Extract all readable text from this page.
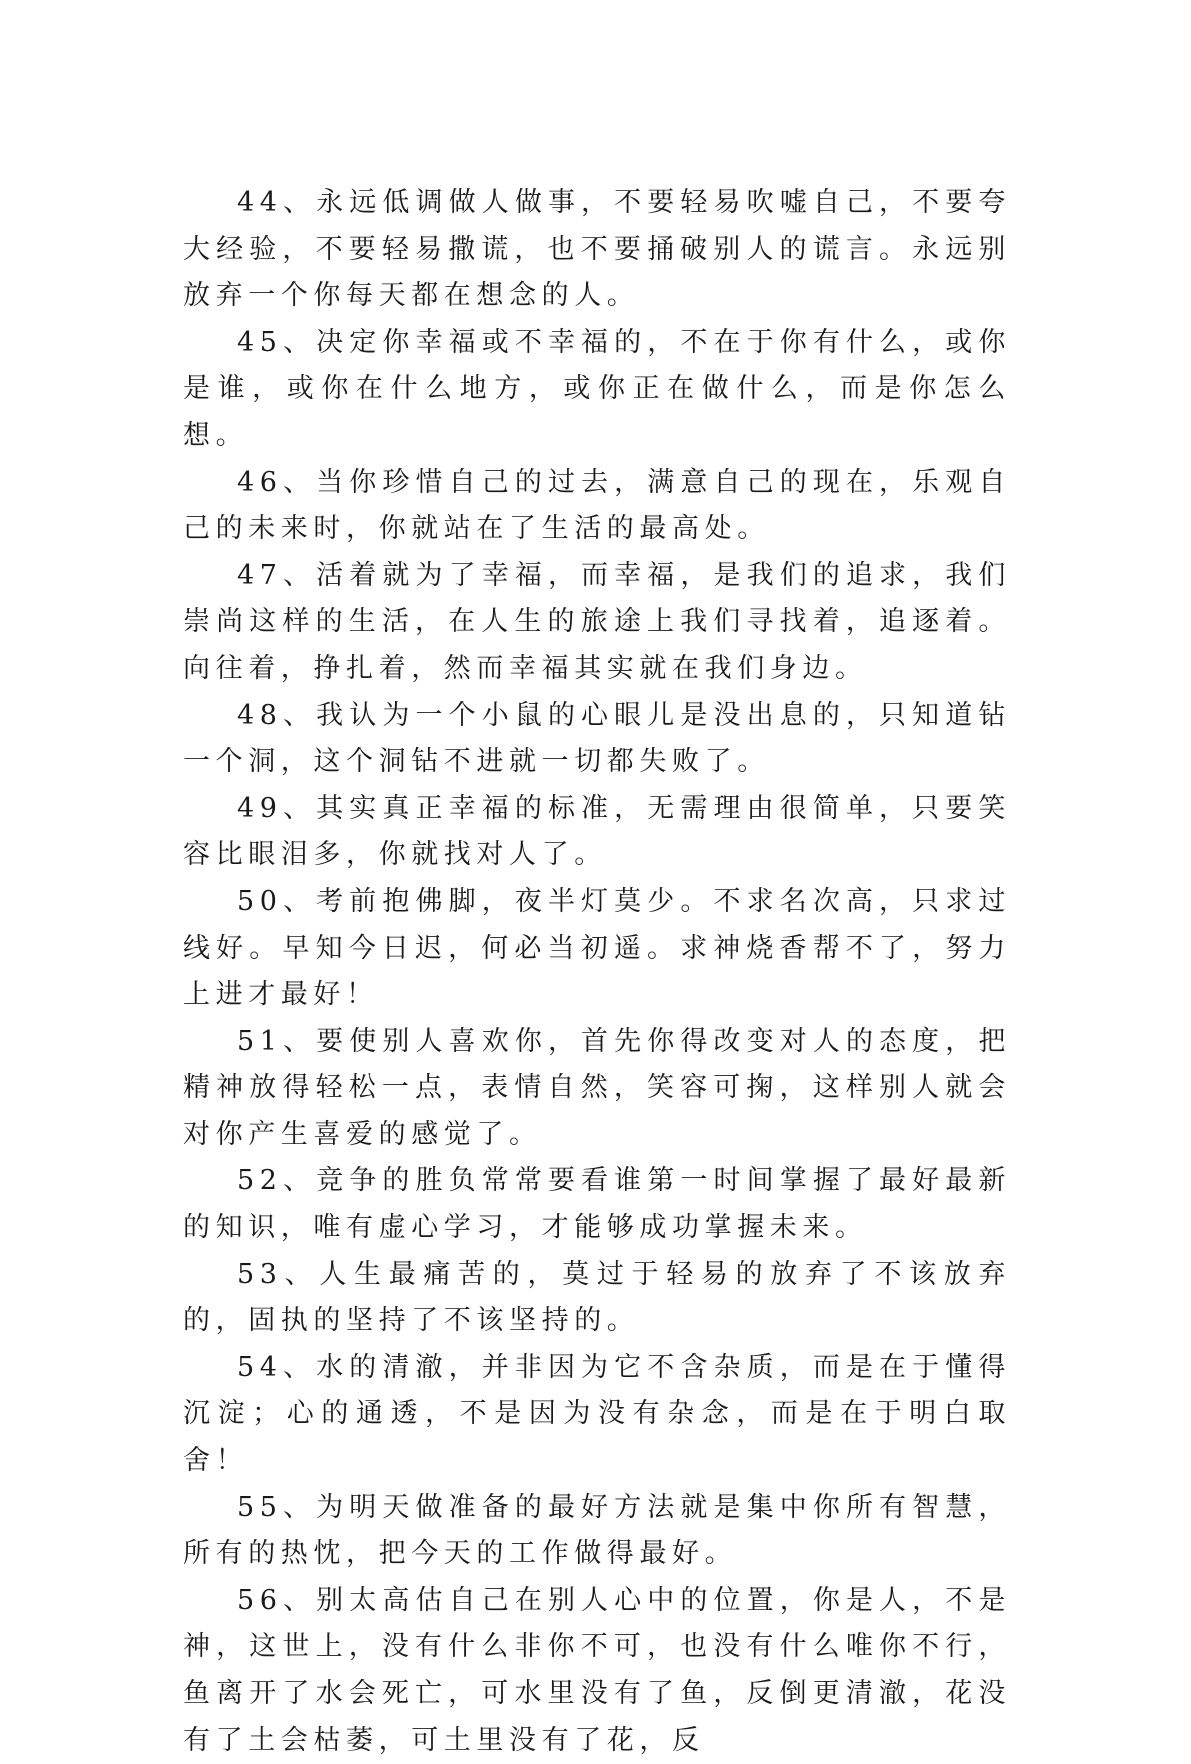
44、永远低调做人做事，不要轻易吹嘘自己，不要夸大经验，不要轻易撒谎，也不要捅破别人的谎言。永远别放弃一个你每天都在想念的人。

45、决定你幸福或不幸福的，不在于你有什么，或你是谁，或你在什么地方，或你正在做什么，而是你怎么想。

46、当你珍惜自己的过去，满意自己的现在，乐观自己的未来时，你就站在了生活的最高处。

47、活着就为了幸福，而幸福，是我们的追求，我们崇尚这样的生活，在人生的旅途上我们寻找着，追逐着。向往着，挣扎着，然而幸福其实就在我们身边。

48、我认为一个小鼠的心眼儿是没出息的，只知道钻一个洞，这个洞钻不进就一切都失败了。

49、其实真正幸福的标准，无需理由很简单，只要笑容比眼泪多，你就找对人了。

50、考前抱佛脚，夜半灯莫少。不求名次高，只求过线好。早知今日迟，何必当初遥。求神烧香帮不了，努力上进才最好！

51、要使别人喜欢你，首先你得改变对人的态度，把精神放得轻松一点，表情自然，笑容可掬，这样别人就会对你产生喜爱的感觉了。

52、竞争的胜负常常要看谁第一时间掌握了最好最新的知识，唯有虚心学习，才能够成功掌握未来。

53、人生最痛苦的，莫过于轻易的放弃了不该放弃的，固执的坚持了不该坚持的。

54、水的清澈，并非因为它不含杂质，而是在于懂得沉淀；心的通透，不是因为没有杂念，而是在于明白取舍！

55、为明天做准备的最好方法就是集中你所有智慧，所有的热忱，把今天的工作做得最好。

56、别太高估自己在别人心中的位置，你是人，不是神，这世上，没有什么非你不可，也没有什么唯你不行，鱼离开了水会死亡，可水里没有了鱼，反倒更清澈，花没有了土会枯萎，可土里没有了花，反
